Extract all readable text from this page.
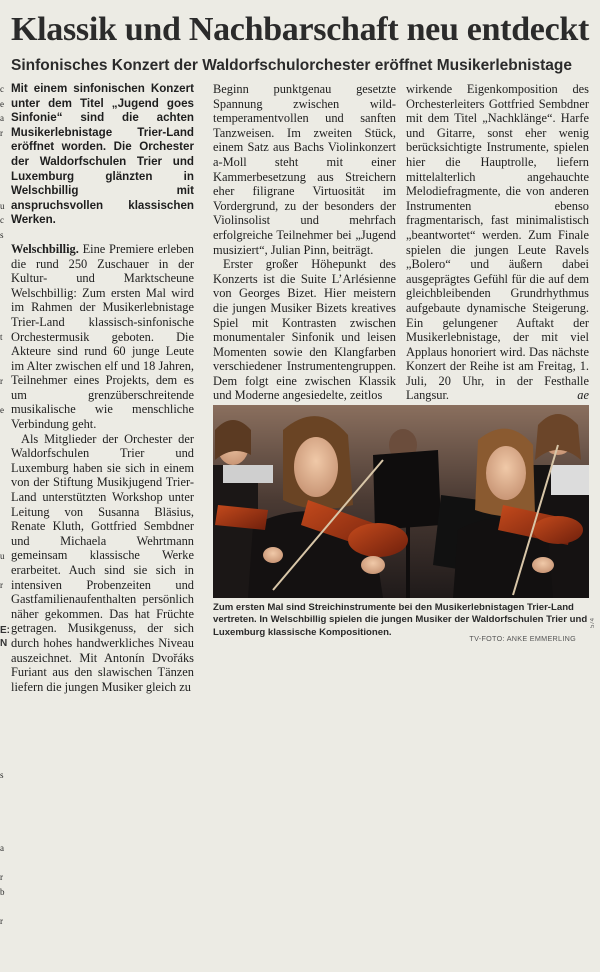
c
e
a
r
u
c
s
t
r
e
u
r
s
a
r
b
r
Klassik und Nachbarschaft neu entdeckt
Sinfonisches Konzert der Waldorfschulorchester eröffnet Musikerlebnistage

Mit einem sinfonischen Konzert unter dem Titel „Jugend goes Sinfonie“ sind die achten Musikerlebnistage Trier-Land eröffnet worden. Die Orchester der Waldorfschulen Trier und Luxemburg glänzten in Welschbillig mit anspruchsvollen klassischen Werken.

Welschbillig. Eine Premiere erleben die rund 250 Zuschauer in der Kultur- und Marktscheune Welschbillig: Zum ersten Mal wird im Rahmen der Musikerlebnistage Trier-Land klassisch-sinfonische Orchestermusik geboten. Die Akteure sind rund 60 junge Leute im Alter zwischen elf und 18 Jahren, Teilnehmer eines Projekts, dem es um grenzüberschreitende musikalische wie menschliche Verbindung geht.

Als Mitglieder der Orchester der Waldorfschulen Trier und Luxemburg haben sie sich in einem von der Stiftung Musikjugend Trier-Land unterstützten Workshop unter Leitung von Susanna Bläsius, Renate Kluth, Gottfried Sembdner und Michaela Wehrtmann gemeinsam klassische Werke erarbeitet. Auch sind sie sich in intensiven Probenzeiten und Gastfamilienaufenthalten persönlich näher gekommen. Das hat Früchte getragen. Musikgenuss, der sich durch hohes handwerkliches Niveau auszeichnet. Mit Antonín Dvořáks Furiant aus den slawischen Tänzen liefern die jungen Musiker gleich zu

Beginn punktgenau gesetzte Spannung zwischen wild-temperamentvollen und sanften Tanzweisen. Im zweiten Stück, einem Satz aus Bachs Violinkonzert a-Moll steht mit einer Kammerbesetzung aus Streichern eher filigrane Virtuosität im Vordergrund, zu der besonders der Violinsolist und mehrfach erfolgreiche Teilnehmer bei „Jugend musiziert“, Julian Pinn, beiträgt.

Erster großer Höhepunkt des Konzerts ist die Suite L’Arlésienne von Georges Bizet. Hier meistern die jungen Musiker Bizets kreatives Spiel mit Kontrasten zwischen monumentaler Sinfonik und leisen Momenten sowie den Klangfarben verschiedener Instrumentengruppen. Dem folgt eine zwischen Klassik und Moderne angesiedelte, zeitlos

wirkende Eigenkomposition des Orchesterleiters Gottfried Sembdner mit dem Titel „Nachklänge“. Harfe und Gitarre, sonst eher wenig berücksichtigte Instrumente, spielen hier die Hauptrolle, liefern mittelalterlich angehauchte Melodiefragmente, die von anderen Instrumenten ebenso fragmentarisch, fast minimalistisch „beantwortet“ werden. Zum Finale spielen die jungen Leute Ravels „Bolero“ und äußern dabei ausgeprägtes Gefühl für die auf dem gleichbleibenden Grundrhythmus aufgebaute dynamische Steigerung. Ein gelungener Auftakt der Musikerlebnistage, der mit viel Applaus honoriert wird. Das nächste Konzert der Reihe ist am Freitag, 1. Juli, 20 Uhr, in der Festhalle Langsur.	ae

Zum ersten Mal sind Streichinstrumente bei den Musikerlebnistagen Trier-Land vertreten. In Welschbillig spielen die jungen Musiker der Waldorfschulen Trier und Luxemburg klassische Kompositionen.

TV-FOTO: ANKE EMMERLING

574
E:
N
